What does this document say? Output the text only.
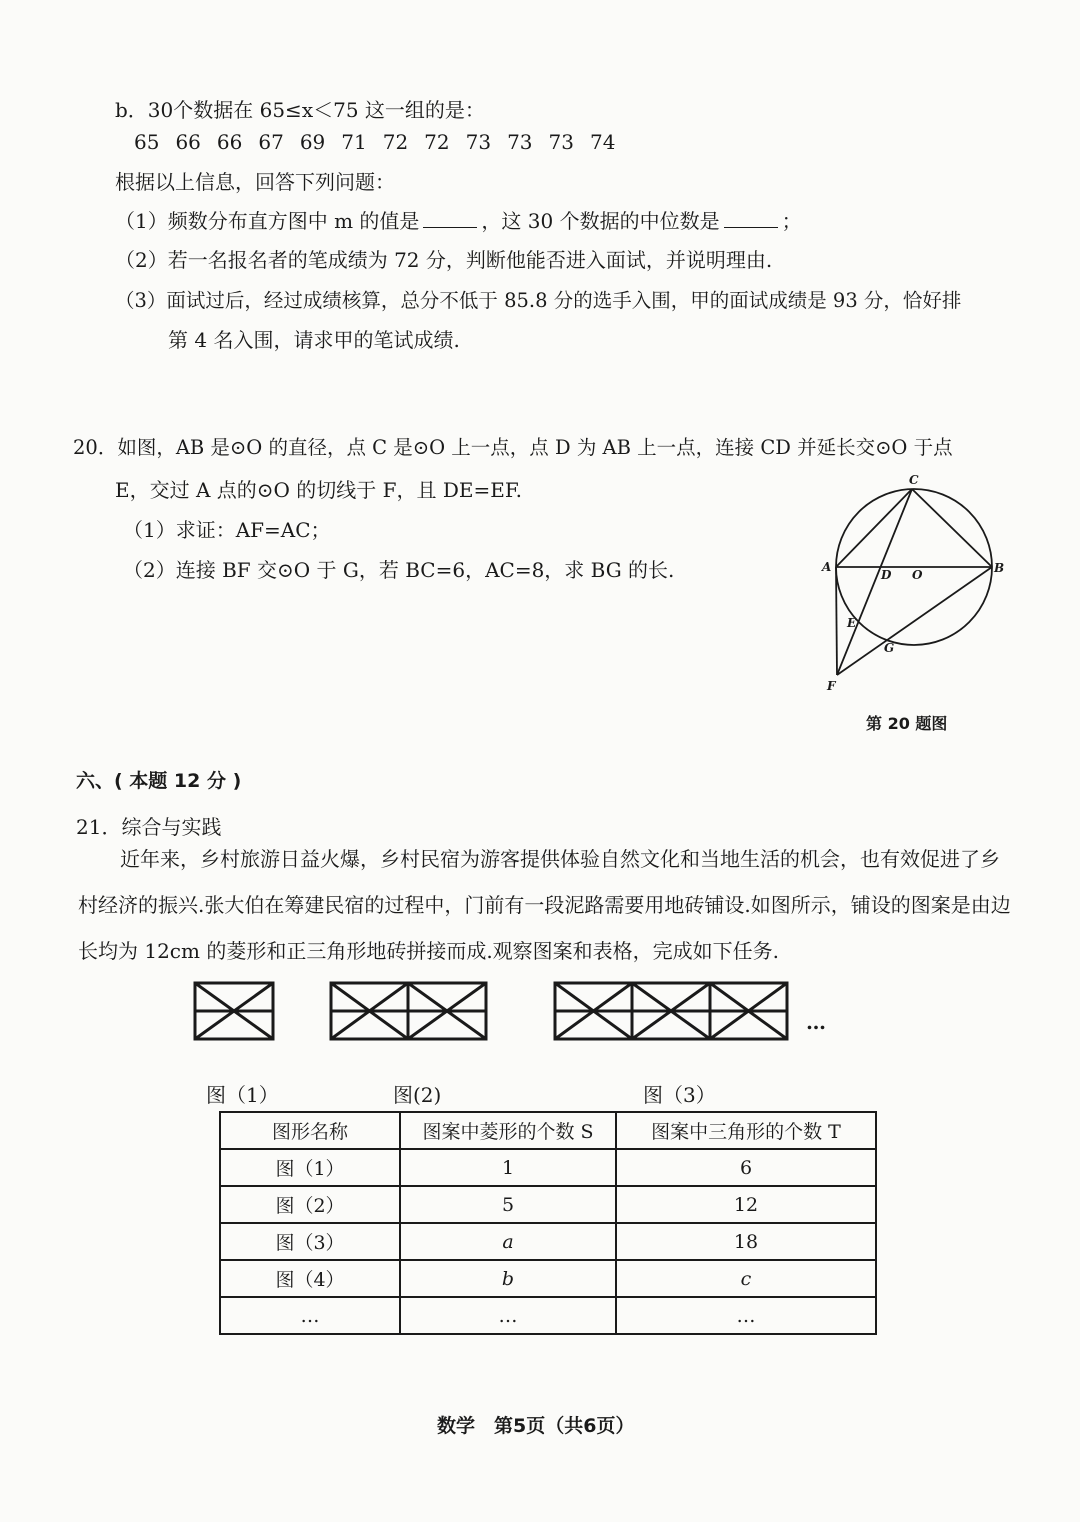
b．30个数据在 65≤x＜75 这一组的是：
65 66 66 67 69 71 72 72 73 73 73 74
根据以上信息，回答下列问题：
（1）频数分布直方图中 m 的值是	，这 30 个数据的中位数是	；
（2）若一名报名者的笔成绩为 72 分，判断他能否进入面试，并说明理由.
（3）面试过后，经过成绩核算，总分不低于 85.8 分的选手入围，甲的面试成绩是 93 分，恰好排
第 4 名入围，请求甲的笔试成绩.
20．如图，AB 是⊙O 的直径，点 C 是⊙O 上一点，点 D 为 AB 上一点，连接 CD 并延长交⊙O 于点
E，交过 A 点的⊙O 的切线于 F，且 DE=EF.
（1）求证：AF=AC；
（2）连接 BF 交⊙O 于 G，若 BC=6，AC=8，求 BG 的长.
C
A	B
D O
E
G
F
第 20 题图
六、( 本题 12 分 )
21．综合与实践
近年来，乡村旅游日益火爆，乡村民宿为游客提供体验自然文化和当地生活的机会，也有效促进了乡村经济的振兴.张大伯在筹建民宿的过程中，门前有一段泥路需要用地砖铺设.如图所示，铺设的图案是由边长均为 12cm 的菱形和正三角形地砖拼接而成.观察图案和表格，完成如下任务.
…
图（1）	图(2)	图（3）
图形名称	图案中菱形的个数 S	图案中三角形的个数 T
图（1）	1	6
图（2）	5	12
图（3）	a	18
图（4）	b	c
…	…	…
数学　第5页（共6页）
